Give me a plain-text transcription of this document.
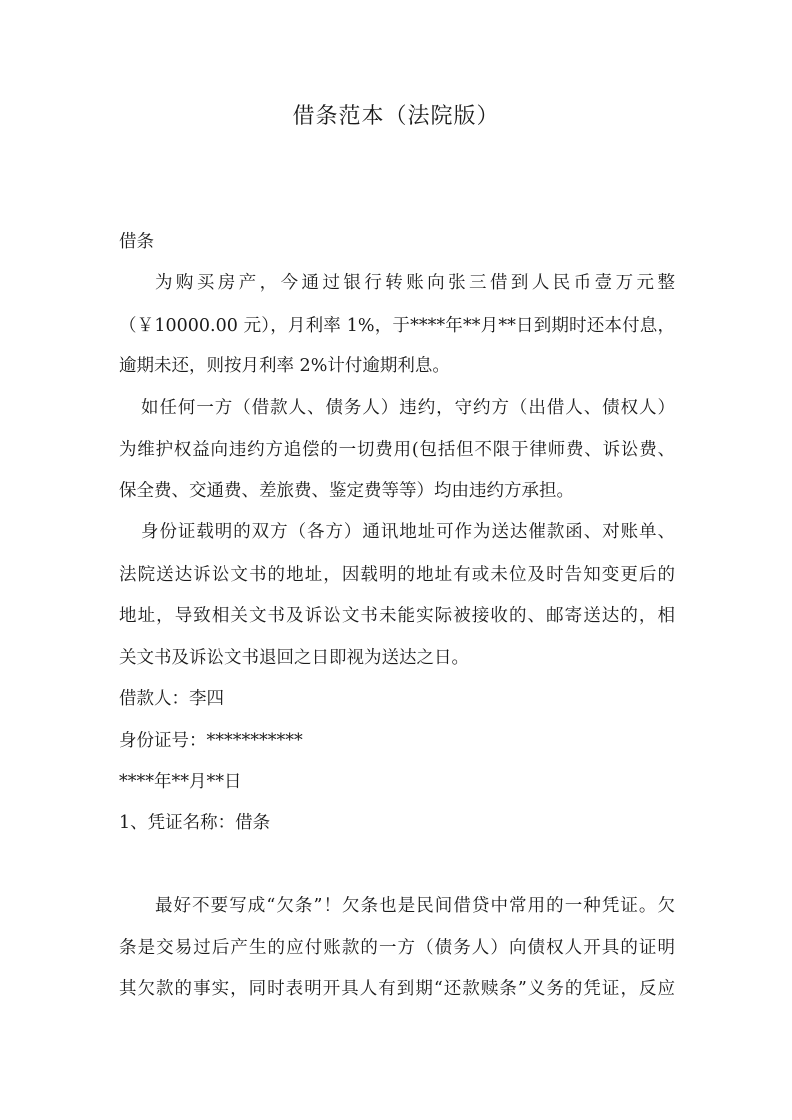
借条范本（法院版）
借条
为购买房产，今通过银行转账向张三借到人民币壹万元整
（￥10000.00 元），月利率 1%，于****年**月**日到期时还本付息，
逾期未还，则按月利率 2%计付逾期利息。
如任何一方（借款人、债务人）违约，守约方（出借人、债权人）
为维护权益向违约方追偿的一切费用(包括但不限于律师费、诉讼费、
保全费、交通费、差旅费、鉴定费等等）均由违约方承担。
身份证载明的双方（各方）通讯地址可作为送达催款函、对账单、
法院送达诉讼文书的地址，因载明的地址有或未位及时告知变更后的
地址，导致相关文书及诉讼文书未能实际被接收的、邮寄送达的，相
关文书及诉讼文书退回之日即视为送达之日。
借款人：李四
身份证号：***********
****年**月**日
1、凭证名称：借条
最好不要写成“欠条”！欠条也是民间借贷中常用的一种凭证。欠
条是交易过后产生的应付账款的一方（债务人）向债权人开具的证明
其欠款的事实，同时表明开具人有到期“还款赎条”义务的凭证，反应
